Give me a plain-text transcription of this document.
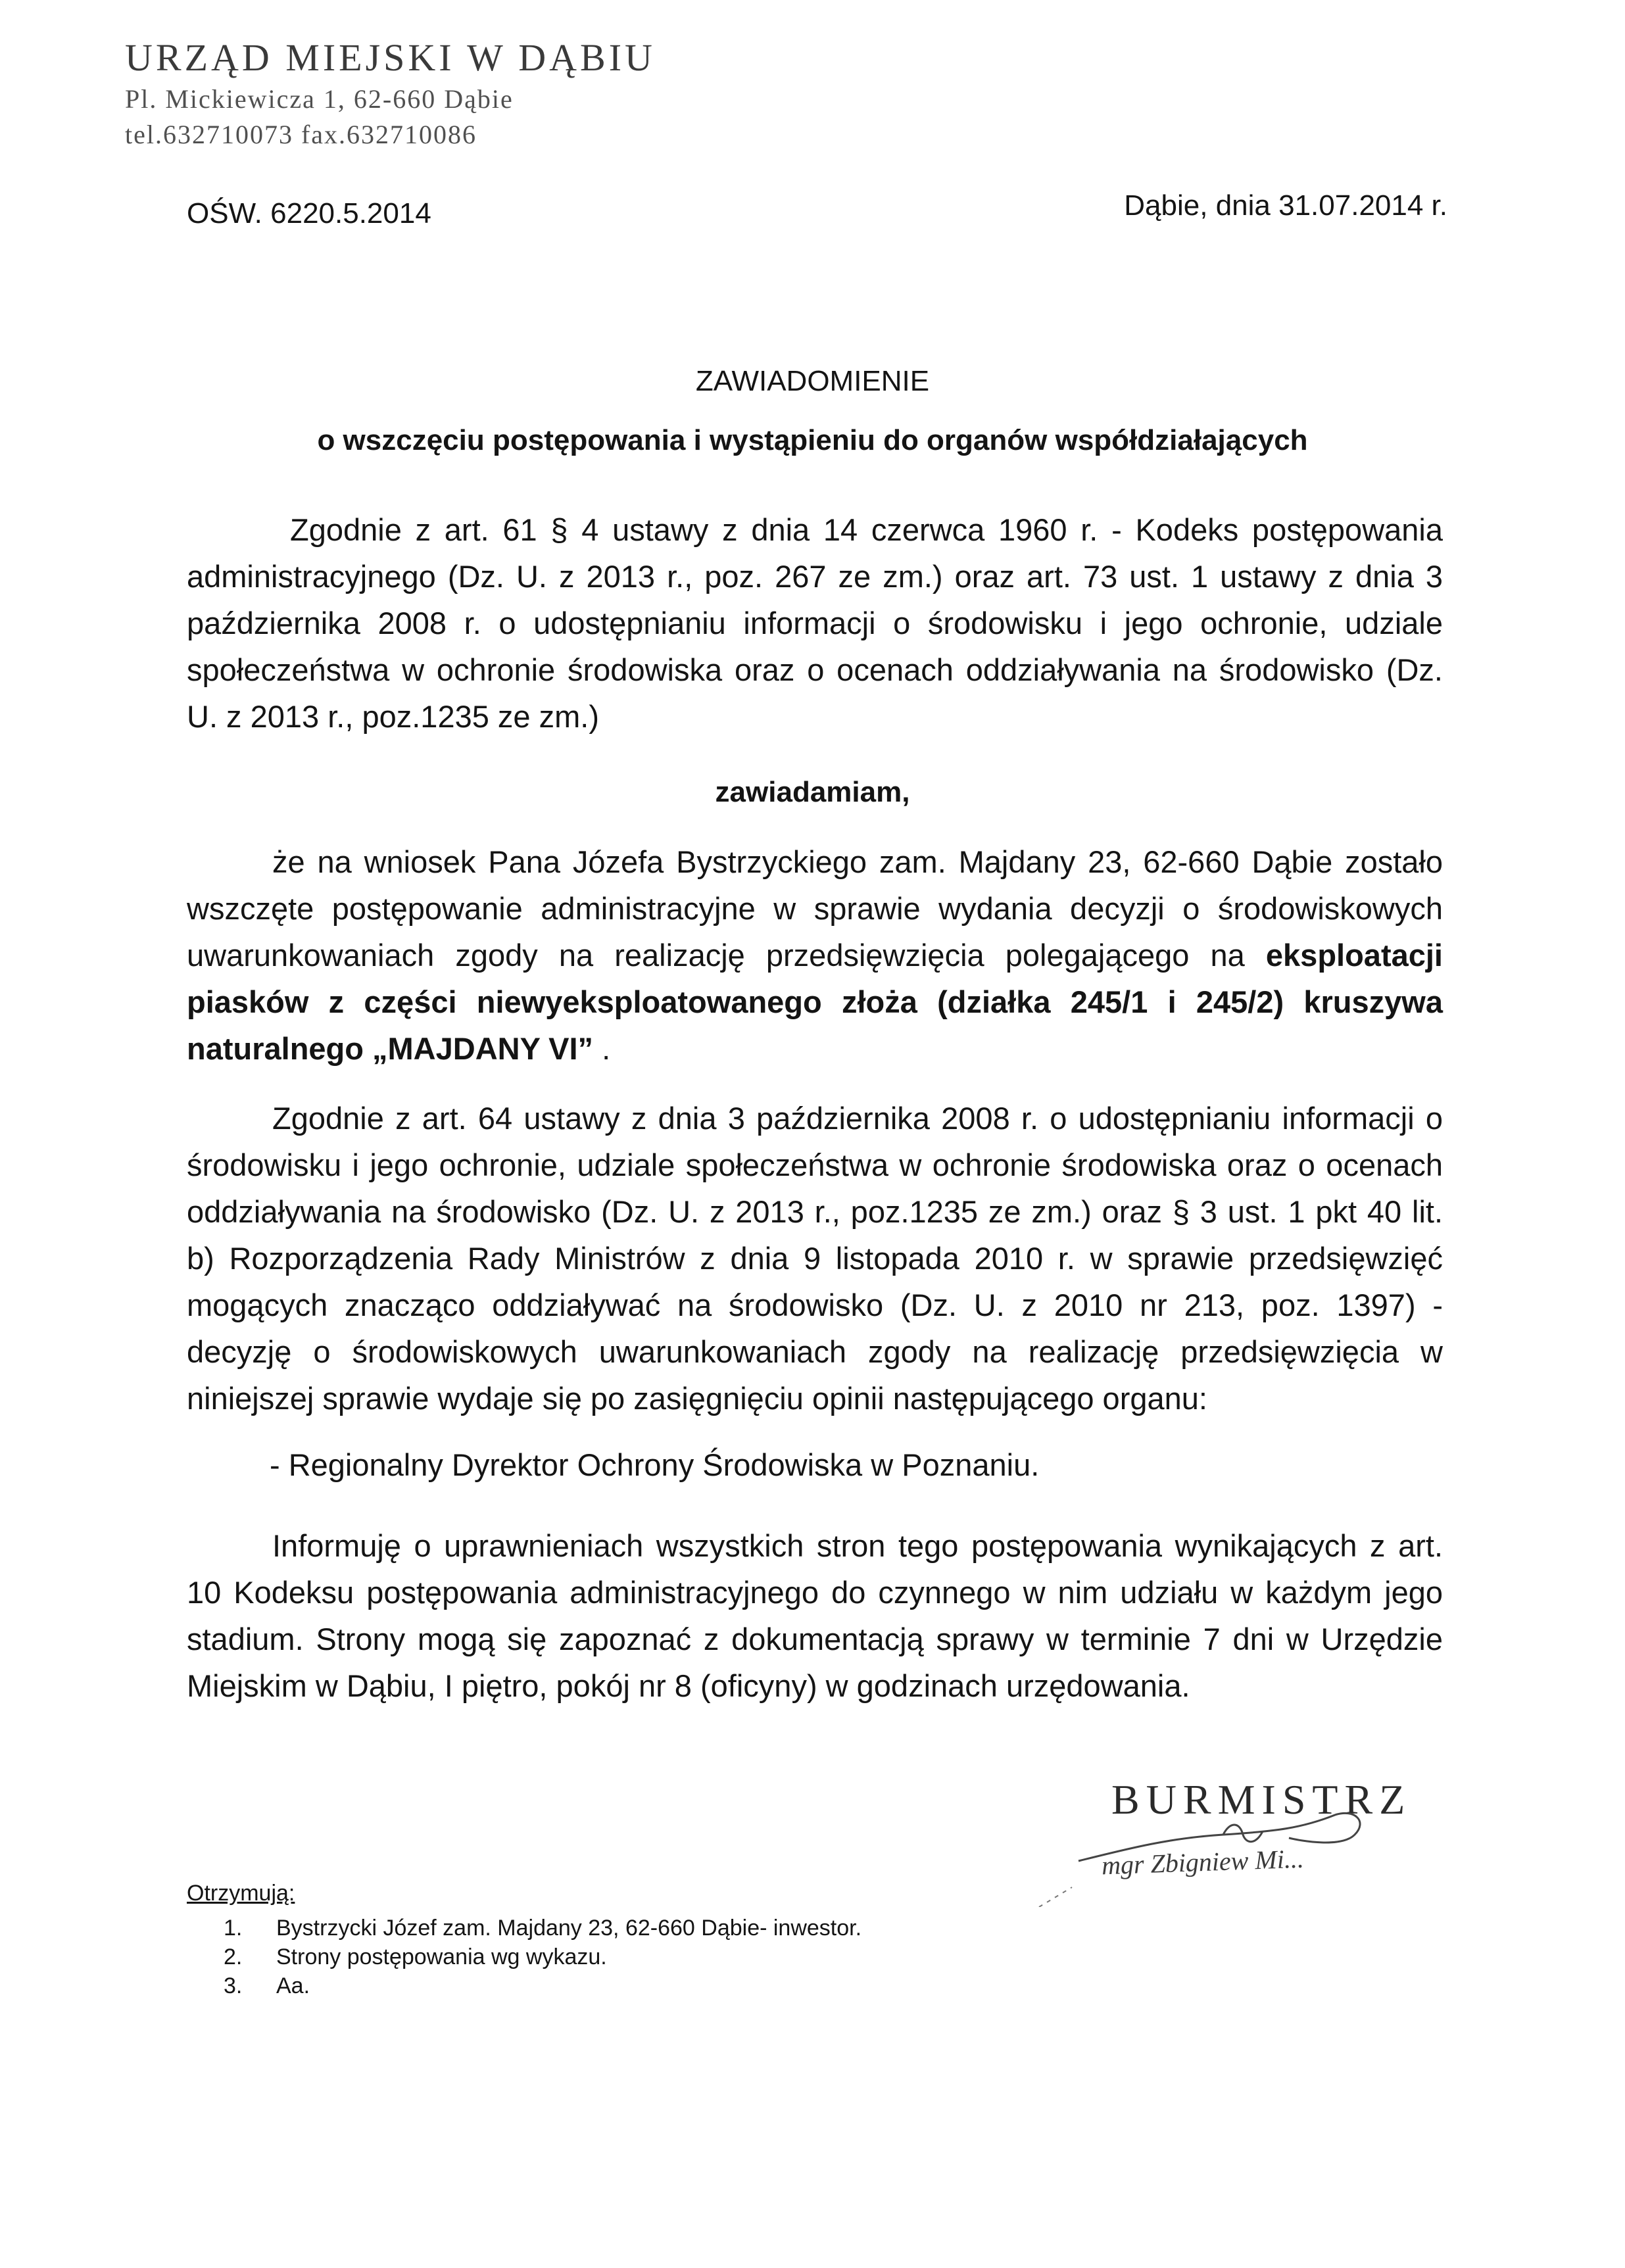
URZĄD MIEJSKI W DĄBIU
Pl. Mickiewicza 1, 62-660 Dąbie
tel.632710073 fax.632710086
OŚW. 6220.5.2014	Dąbie, dnia 31.07.2014 r.
ZAWIADOMIENIE
o wszczęciu postępowania i wystąpieniu do organów współdziałających

Zgodnie z art. 61 § 4 ustawy z dnia 14 czerwca 1960 r. - Kodeks postępowania administracyjnego (Dz. U. z 2013 r., poz. 267 ze zm.) oraz art. 73 ust. 1 ustawy z dnia 3 października 2008 r. o udostępnianiu informacji o środowisku i jego ochronie, udziale społeczeństwa w ochronie środowiska oraz o ocenach oddziaływania na środowisko (Dz. U. z 2013 r., poz.1235 ze zm.)

zawiadamiam,

że na wniosek Pana Józefa Bystrzyckiego zam. Majdany 23, 62-660 Dąbie zostało wszczęte postępowanie administracyjne w sprawie wydania decyzji o środowiskowych uwarunkowaniach zgody na realizację przedsięwzięcia polegającego na eksploatacji piasków z części niewyeksploatowanego złoża (działka 245/1 i 245/2) kruszywa naturalnego „MAJDANY VI” .

Zgodnie z art. 64 ustawy z dnia 3 października 2008 r. o udostępnianiu informacji o środowisku i jego ochronie, udziale społeczeństwa w ochronie środowiska oraz o ocenach oddziaływania na środowisko (Dz. U. z 2013 r., poz.1235 ze zm.) oraz § 3 ust. 1 pkt 40 lit. b) Rozporządzenia Rady Ministrów z dnia 9 listopada 2010 r. w sprawie przedsięwzięć mogących znacząco oddziaływać na środowisko (Dz. U. z 2010 nr 213, poz. 1397) - decyzję o środowiskowych uwarunkowaniach zgody na realizację przedsięwzięcia w niniejszej sprawie wydaje się po zasięgnięciu opinii następującego organu:

- Regionalny Dyrektor Ochrony Środowiska w Poznaniu.

Informuję o uprawnieniach wszystkich stron tego postępowania wynikających z art. 10 Kodeksu postępowania administracyjnego do czynnego w nim udziału w każdym jego stadium. Strony mogą się zapoznać z dokumentacją sprawy w terminie 7 dni w Urzędzie Miejskim w Dąbiu, I piętro, pokój nr 8 (oficyny) w godzinach urzędowania.

BURMISTRZ
mgr Zbigniew Mi...
Otrzymują:
1. Bystrzycki Józef zam. Majdany 23, 62-660 Dąbie- inwestor.
2. Strony postępowania wg wykazu.
3. Aa.
